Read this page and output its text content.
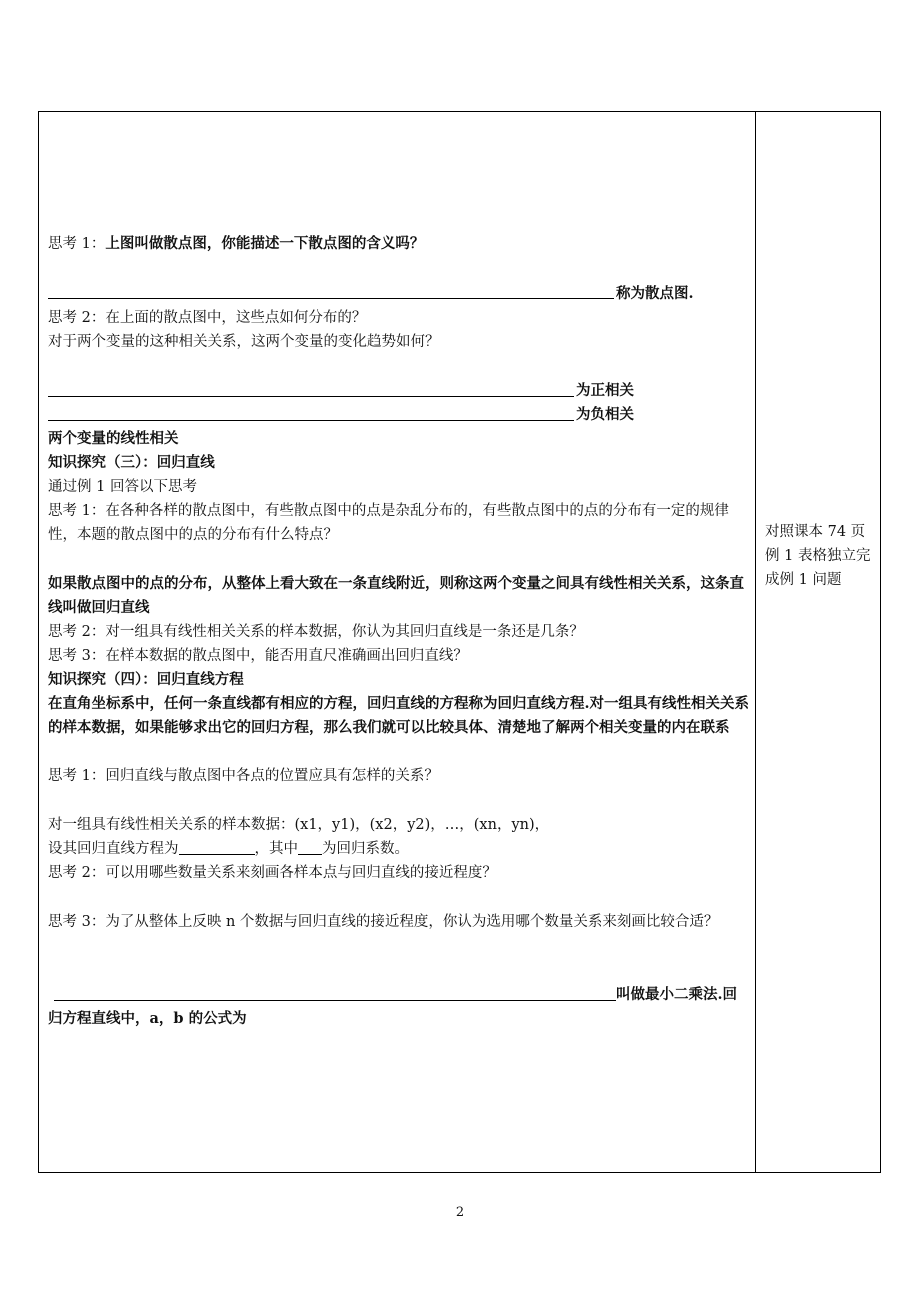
思考 1：上图叫做散点图，你能描述一下散点图的含义吗？
称为散点图.
思考 2：在上面的散点图中，这些点如何分布的？
对于两个变量的这种相关关系，这两个变量的变化趋势如何？
为正相关
为负相关
两个变量的线性相关
知识探究（三）：回归直线
通过例 1 回答以下思考
思考 1：在各种各样的散点图中，有些散点图中的点是杂乱分布的，有些散点图中的点的分布有一定的规律性，本题的散点图中的点的分布有什么特点？
如果散点图中的点的分布，从整体上看大致在一条直线附近，则称这两个变量之间具有线性相关关系，这条直线叫做回归直线
思考 2：对一组具有线性相关关系的样本数据，你认为其回归直线是一条还是几条？
思考 3：在样本数据的散点图中，能否用直尺准确画出回归直线？
知识探究（四）：回归直线方程
在直角坐标系中，任何一条直线都有相应的方程，回归直线的方程称为回归直线方程.对一组具有线性相关关系的样本数据，如果能够求出它的回归方程，那么我们就可以比较具体、清楚地了解两个相关变量的内在联系
思考 1：回归直线与散点图中各点的位置应具有怎样的关系？
对一组具有线性相关关系的样本数据：(x1，y1)，(x2，y2)，…，(xn，yn)，
设其回归直线方程为	，其中 为回归系数。
思考 2：可以用哪些数量关系来刻画各样本点与回归直线的接近程度？
思考 3：为了从整体上反映 n 个数据与回归直线的接近程度，你认为选用哪个数量关系来刻画比较合适？
叫做最小二乘法.回
归方程直线中，a，b 的公式为
对照课本 74 页例 1 表格独立完成例 1 问题
2
